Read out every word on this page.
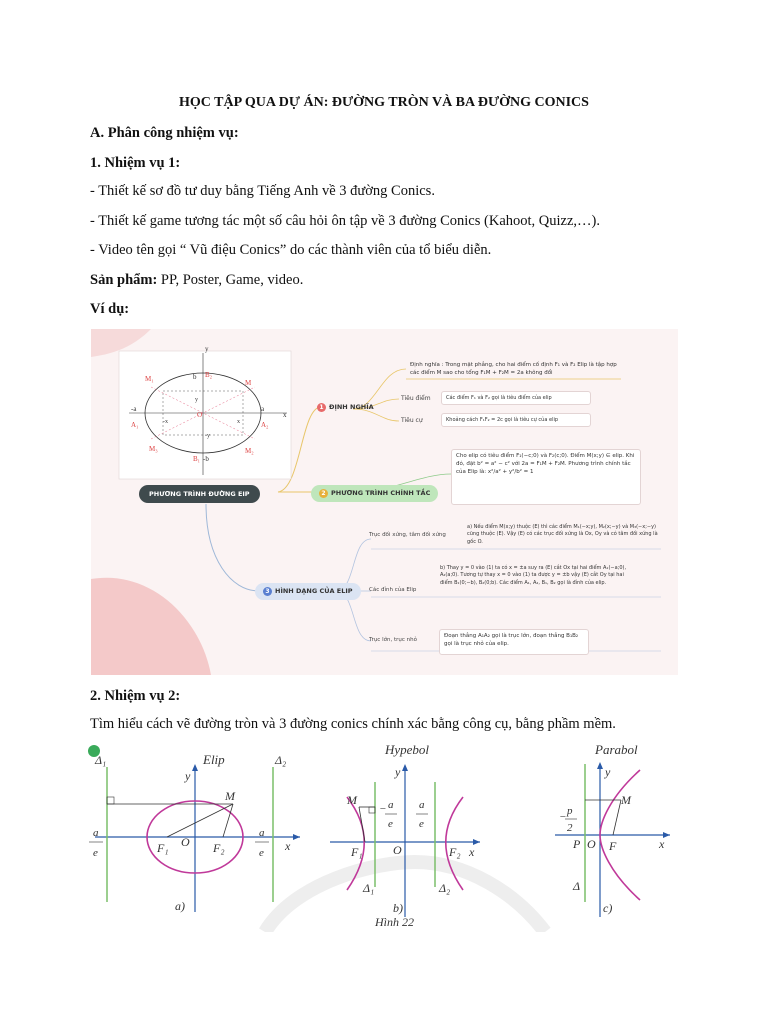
HỌC TẬP QUA DỰ ÁN: ĐƯỜNG TRÒN VÀ BA ĐƯỜNG CONICS
A. Phân công nhiệm vụ:
1. Nhiệm vụ 1:
- Thiết kế sơ đồ tư duy bằng Tiếng Anh về 3 đường Conics.
- Thiết kế game tương tác một số câu hỏi ôn tập về 3 đường Conics (Kahoot, Quizz,…).
- Video tên gọi “ Vũ điệu Conics” do các thành viên của tổ biểu diễn.
Sản phẩm: PP, Poster, Game, video.
Ví dụ:
M₁	M
A₁	A₂
M₃	M₂
b B₂
B₁ -b
O
y
x
-a	a
-x	x
-y
y
PHƯƠNG TRÌNH ĐƯỜNG EIP
1 ĐỊNH NGHĨA
2 PHƯƠNG TRÌNH CHÍNH TẮC
3 HÌNH DẠNG CỦA ELIP
Định nghĩa : Trong mặt phẳng, cho hai điểm cố định F₁ và F₂ Elip là tập hợp các điểm M sao cho tổng F₁M + F₂M = 2a không đổi
Tiêu điểm	Các điểm F₁ và F₂ gọi là tiêu điểm của elip
Tiêu cự	Khoảng cách F₁F₂ = 2c gọi là tiêu cự của elip
Cho elip có tiêu điểm F₁(−c;0) và F₂(c;0). Điểm M(x;y) ∈ elip. Khi đó, đặt b² = a² − c² với 2a = F₁M + F₂M. Phương trình chính tắc của Elip là: x²/a² + y²/b² = 1
Trục đối xứng, tâm đối xứng
a) Nếu điểm M(x;y) thuộc (E) thì các điểm M₁(−x;y), M₂(x;−y) và M₃(−x;−y) cũng thuộc (E). Vậy (E) có các trục đối xứng là Ox, Oy và có tâm đối xứng là gốc O.
Các đỉnh của Elip
b) Thay y = 0 vào (1) ta có x = ±a suy ra (E) cắt Ox tại hai điểm A₁(−a;0), A₂(a;0). Tương tự thay x = 0 vào (1) ta được y = ±b vậy (E) cắt Oy tại hai điểm B₁(0;−b), B₂(0;b). Các điểm A₁, A₂, B₁, B₂ gọi là đỉnh của elip.
Trục lớn, trục nhỏ
Đoạn thẳng A₁A₂ gọi là trục lớn, đoạn thẳng B₁B₂ gọi là trục nhỏ của elip.
2. Nhiệm vụ 2:
Tìm hiểu cách vẽ đường tròn và 3 đường conics chính xác bằng công cụ, bằng phầm mềm.
Δ₁	Δ₂
Elip
y
M
F₁ O F₂	x
a
e
a
e
a)
Hypebol
y
M
F₁	O	F₂ x
− a
e
a
e
Δ₁	Δ₂
b)
Hình 22
Parabol
y
M
− p
2
P O F	x
Δ
c)
